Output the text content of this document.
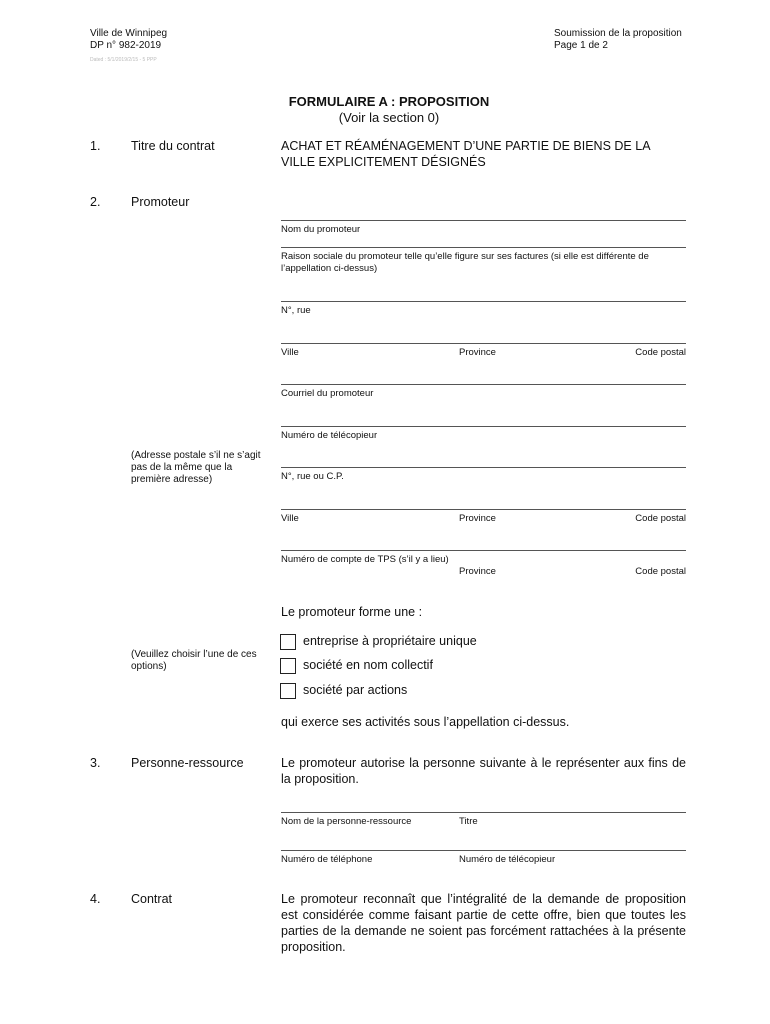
Ville de Winnipeg
DP n° 982-2019
Dated : 5/1/2019/2/15 - 5 PPP
Soumission de la proposition
Page 1 de 2
FORMULAIRE A : PROPOSITION
(Voir la section 0)
1. Titre du contrat	ACHAT ET RÉAMÉNAGEMENT D’UNE PARTIE DE BIENS DE LA
VILLE EXPLICITEMENT DÉSIGNÉS
2. Promoteur
Nom du promoteur
Raison sociale du promoteur telle qu’elle figure sur ses factures (si elle est différente de
l’appellation ci-dessus)
N°, rue
Ville	Province	Code postal
Courriel du promoteur
Numéro de télécopieur
(Adresse postale s’il ne s’agit
pas de la même que la
première adresse)	N°, rue ou C.P.
Ville	Province	Code postal
Numéro de compte de TPS (s’il y a lieu)
Province	Code postal
Le promoteur forme une :
(Veuillez choisir l’une de ces
options)
entreprise à propriétaire unique
société en nom collectif
société par actions
qui exerce ses activités sous l’appellation ci-dessus.
3. Personne-ressource	Le promoteur autorise la personne suivante à le représenter aux fins de
la proposition.
Nom de la personne-ressource	Titre
Numéro de téléphone	Numéro de télécopieur
4. Contrat	Le promoteur reconnaît que l’intégralité de la demande de proposition
est considérée comme faisant partie de cette offre, bien que toutes les
parties de la demande ne soient pas forcément rattachées à la présente
proposition.
